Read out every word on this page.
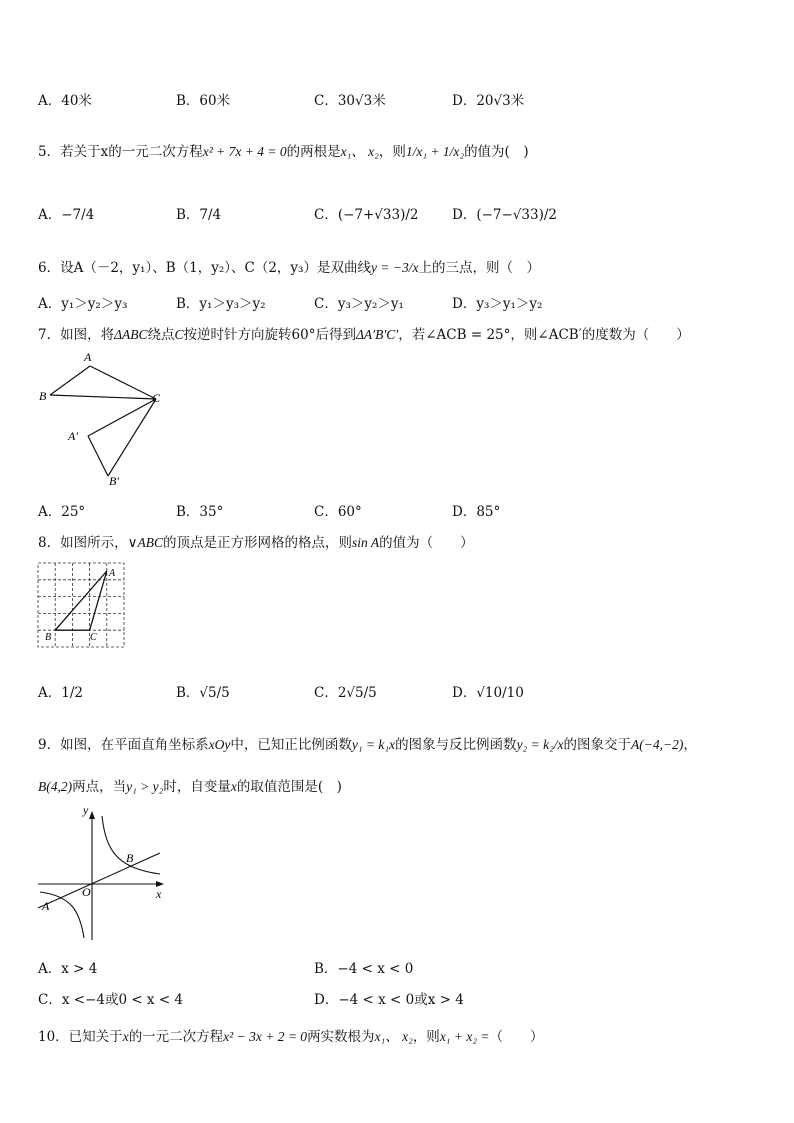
A．40米	B．60米	C．30√3米	D．20√3米
5．若关于x的一元二次方程x² + 7x + 4 = 0的两根是x₁、 x₂，则1/x₁ + 1/x₂的值为(　)
A．−7/4	B．7/4	C．(−7+√33)/2 D．(−7−√33)/2
6．设A（－2，y₁）、B（1，y₂）、C（2，y₃）是双曲线y = −3/x上的三点，则（　）
A．y₁＞y₂＞y₃	B．y₁＞y₃＞y₂	C．y₃＞y₂＞y₁	D．y₃＞y₁＞y₂
7．如图，将ΔABC绕点C按逆时针方向旋转60°后得到ΔA′B′C′，若∠ACB = 25°，则∠ACB′的度数为（　　）
A
B	C
A′
B′
A．25°	B．35°	C．60°	D．85°
8．如图所示，∨ABC的顶点是正方形网格的格点，则sin A的值为（　　）
A
B	C
A．1/2	B．√5/5	C．2√5/5	D．√10/10
9．如图，在平面直角坐标系xOy中，已知正比例函数y₁ = k₁x的图象与反比例函数y₂ = k₂/x的图象交于A(−4,−2)，
B(4,2)两点，当y₁ > y₂时，自变量x的取值范围是(　)
y
x
O
A
B
A．x > 4	B．−4 < x < 0
C．x <−4或0 < x < 4	D．−4 < x < 0或x > 4
10．已知关于x的一元二次方程x² − 3x + 2 = 0两实数根为x₁、 x₂，则x₁ + x₂ =（　　）
